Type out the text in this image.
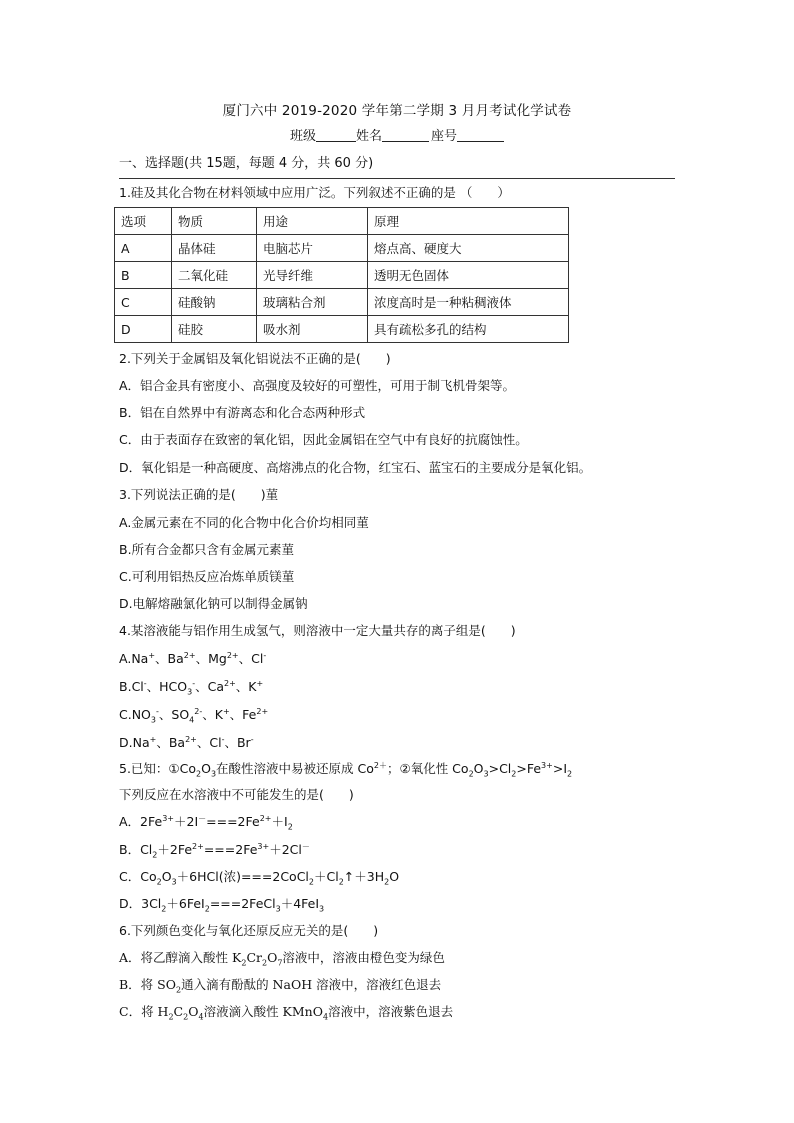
厦门六中 2019-2020 学年第二学期 3 月月考试化学试卷
班级	姓名	座号
一、选择题(共 15题，每题 4 分，共 60 分)
1.硅及其化合物在材料领域中应用广泛。下列叙述不正确的是 （　　）
选项	物质	用途	原理
A	晶体硅	电脑芯片	熔点高、硬度大
B	二氧化硅	光导纤维	透明无色固体
C	硅酸钠	玻璃粘合剂	浓度高时是一种粘稠液体
D	硅胶	吸水剂	具有疏松多孔的结构
2.下列关于金属铝及氧化铝说法不正确的是(　　)
A．铝合金具有密度小、高强度及较好的可塑性，可用于制飞机骨架等。
B．铝在自然界中有游离态和化合态两种形式
C．由于表面存在致密的氧化铝，因此金属铝在空气中有良好的抗腐蚀性。
D．氧化铝是一种高硬度、高熔沸点的化合物，红宝石、蓝宝石的主要成分是氧化铝。
3.下列说法正确的是(　　)菫
A.金属元素在不同的化合物中化合价均相同菫
B.所有合金都只含有金属元素菫
C.可利用铝热反应冶炼单质镁菫
D.电解熔融氯化钠可以制得金属钠
4.某溶液能与铝作用生成氢气，则溶液中一定大量共存的离子组是(　　)
A.Na+、$Ba^{2+}$、$Mg^{2+}$、Cl-
B.Cl-、$HCO_3^-$、$Ca^{2+}$、K+
$C.NO_3^-$、$SO_4^{2-}$、K+、$Fe^{2+}$
D.Na+、$Ba^{2+}$、Cl-、Br-
5.已知：$①Co_2O_3$在酸性溶液中易被还原成 $Co^{2+}$；②氧化性 $Co_2O_3>Cl_2>Fe^{3+}>I_2$
下列反应在水溶液中不可能发生的是(　　)
A．$2Fe^{3+}+2I^-===2Fe^{2+}+I_2$
B．$Cl_2+2Fe^{2+}===2Fe^{3+}+2Cl^-$
C．$Co_2O_3+6HCl$(浓)$===2CoCl_2+Cl_2↑+3H_2O$
D．$3Cl_2+6FeI_2===2FeCl_3+4FeI_3$
6.下列颜色变化与氧化还原反应无关的是(　　)
A．将乙醇滴入酸性 $K_2Cr_2O_7$溶液中，溶液由橙色变为绿色
B．将 $SO_2$通入滴有酚酞的 NaOH 溶液中，溶液红色退去
C．将 $H_2C_2O_4$溶液滴入酸性 KMnO$_4$溶液中，溶液紫色退去
